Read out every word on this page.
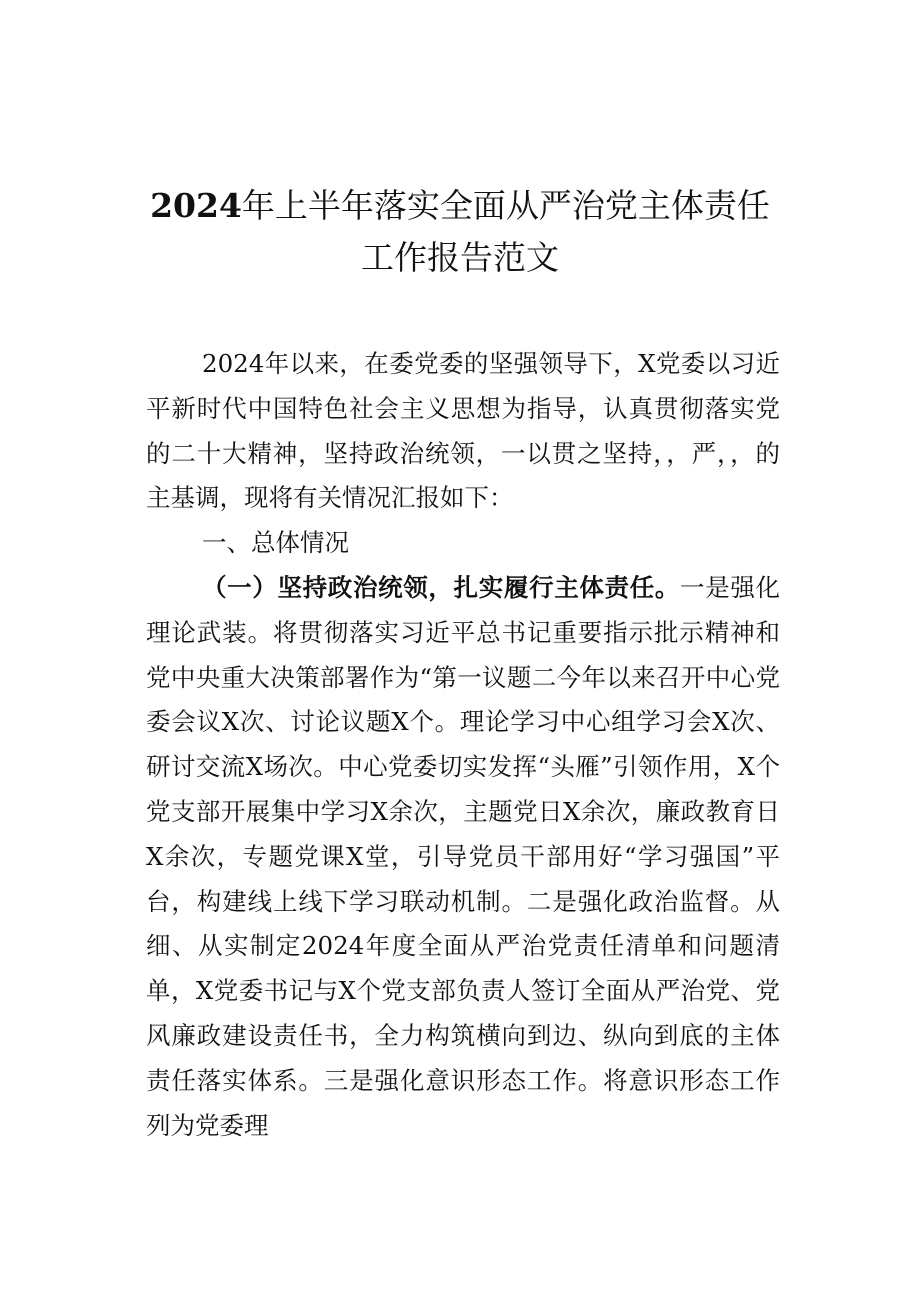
2024年上半年落实全面从严治党主体责任工作报告范文

2024年以来，在委党委的坚强领导下，X党委以习近平新时代中国特色社会主义思想为指导，认真贯彻落实党的二十大精神，坚持政治统领，一以贯之坚持，，严，，的主基调，现将有关情况汇报如下：

一、总体情况

（一）坚持政治统领，扎实履行主体责任。一是强化理论武装。将贯彻落实习近平总书记重要指示批示精神和党中央重大决策部署作为“第一议题二今年以来召开中心党委会议X次、讨论议题X个。理论学习中心组学习会X次、研讨交流X场次。中心党委切实发挥“头雁”引领作用，X个党支部开展集中学习X余次，主题党日X余次，廉政教育日X余次，专题党课X堂，引导党员干部用好“学习强国”平台，构建线上线下学习联动机制。二是强化政治监督。从细、从实制定2024年度全面从严治党责任清单和问题清单，X党委书记与X个党支部负责人签订全面从严治党、党风廉政建设责任书，全力构筑横向到边、纵向到底的主体责任落实体系。三是强化意识形态工作。将意识形态工作列为党委理
